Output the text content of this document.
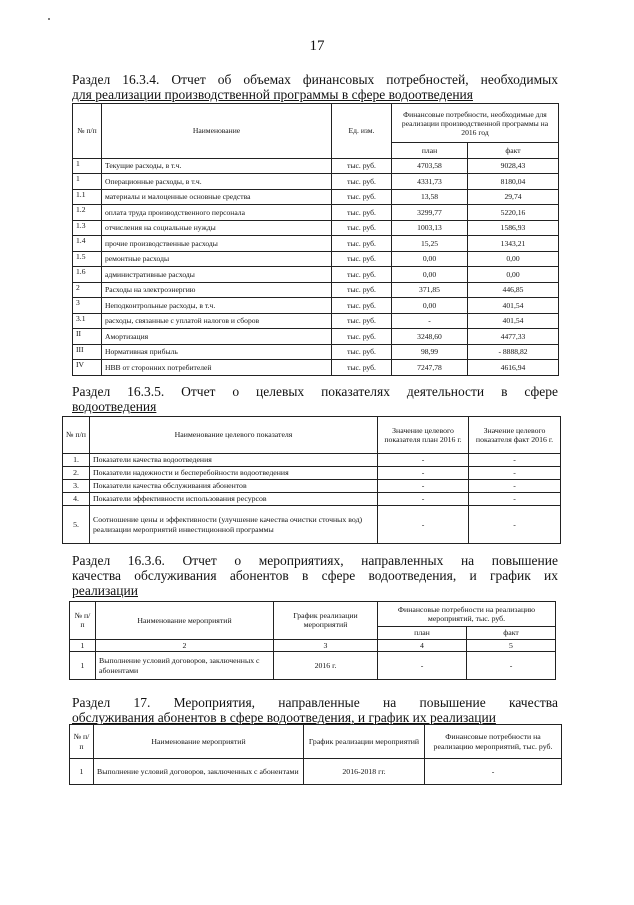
17
Раздел 16.3.4. Отчет об объемах финансовых потребностей, необходимых
для реализации производственной программы в сфере водоотведения
№ п/п	Наименование	Ед. изм.	Финансовые потребности, необходимые для реализации производственной программы на 2016 год	
			план	факт
1	Текущие расходы, в т.ч.	тыс. руб.	4703,58	9028,43
1	Операционные расходы, в т.ч.	тыс. руб.	4331,73	8180,04
1.1	материалы и малоценные основные средства	тыс. руб.	13,58	29,74
1.2	оплата труда производственного персонала	тыс. руб.	3299,77	5220,16
1.3	отчисления на социальные нужды	тыс. руб.	1003,13	1586,93
1.4	прочие производственные расходы	тыс. руб.	15,25	1343,21
1.5	ремонтные расходы	тыс. руб.	0,00	0,00
1.6	административные расходы	тыс. руб.	0,00	0,00
2	Расходы на электроэнергию	тыс. руб.	371,85	446,85
3	Неподконтрольные расходы, в т.ч.	тыс. руб.	0,00	401,54
3.1	расходы, связанные с уплатой налогов и сборов	тыс. руб.	-	401,54
II	Амортизация	тыс. руб.	3248,60	4477,33
III	Нормативная прибыль	тыс. руб.	98,99	- 8888,82
IV	НВВ от сторонних потребителей	тыс. руб.	7247,78	4616,94
Раздел 16.3.5. Отчет о целевых показателях деятельности в сфере
водоотведения
№ п/п	Наименование целевого показателя	Значение целевого показателя план 2016 г.	Значение целевого показателя факт 2016 г.
1.	Показатели качества водоотведения	-	-
2.	Показатели надежности и бесперебойности водоотведения	-	-
3.	Показатели качества обслуживания абонентов	-	-
4.	Показатели эффективности использования ресурсов	-	-
5.	Соотношение цены и эффективности (улучшение качества очистки сточных вод) реализации мероприятий инвестиционной программы	-	-
Раздел 16.3.6. Отчет о мероприятиях, направленных на повышение
качества обслуживания абонентов в сфере водоотведения, и график их
реализации
№ п/п	Наименование мероприятий	График реализации мероприятий	Финансовые потребности на реализацию мероприятий, тыс. руб.	
			план	факт
1	2	3	4	5
1	Выполнение условий договоров, заключенных с абонентами	2016 г.	-	-
Раздел 17. Мероприятия, направленные на повышение качества
обслуживания абонентов в сфере водоотведения, и график их реализации
№ п/п	Наименование мероприятий	График реализации мероприятий	Финансовые потребности на реализацию мероприятий, тыс. руб.
1	Выполнение условий договоров, заключенных с абонентами	2016-2018 гг.	-
